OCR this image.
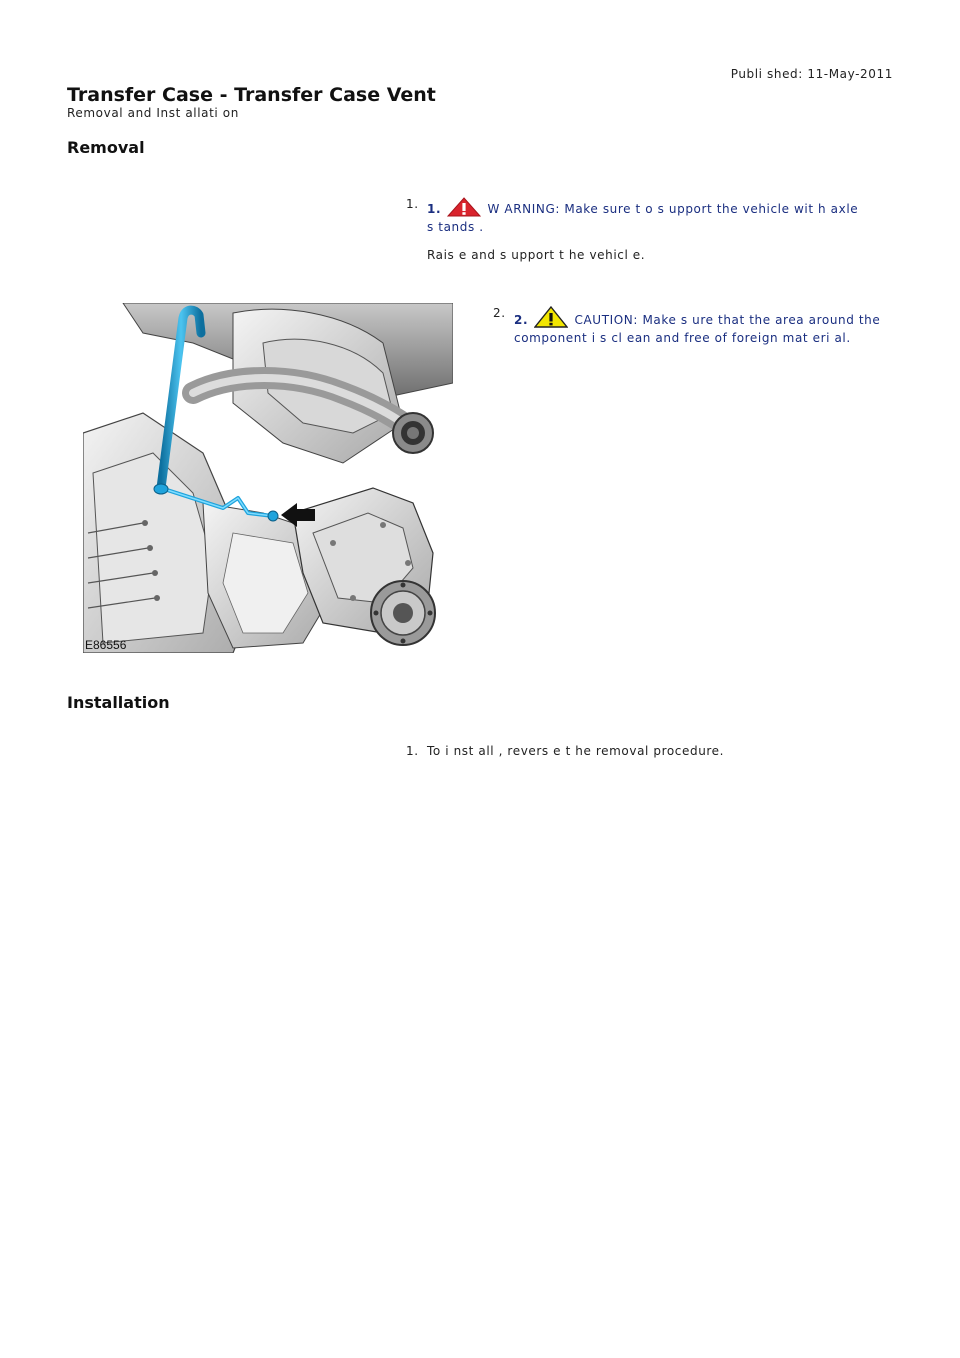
Publi shed: 11-May-2011
Transfer Case - Transfer Case Vent
Removal and Inst allati on
Removal
1. 1.	W ARNING: Make sure t o s upport the vehicle wit h axle
s tands .
Rais e and s upport t he vehicl e.
2. 2.	CAUTION: Make s ure that the area around the
component i s cl ean and free of foreign mat eri al.
E86556
Installation
1. To i nst all , revers e t he removal procedure.
